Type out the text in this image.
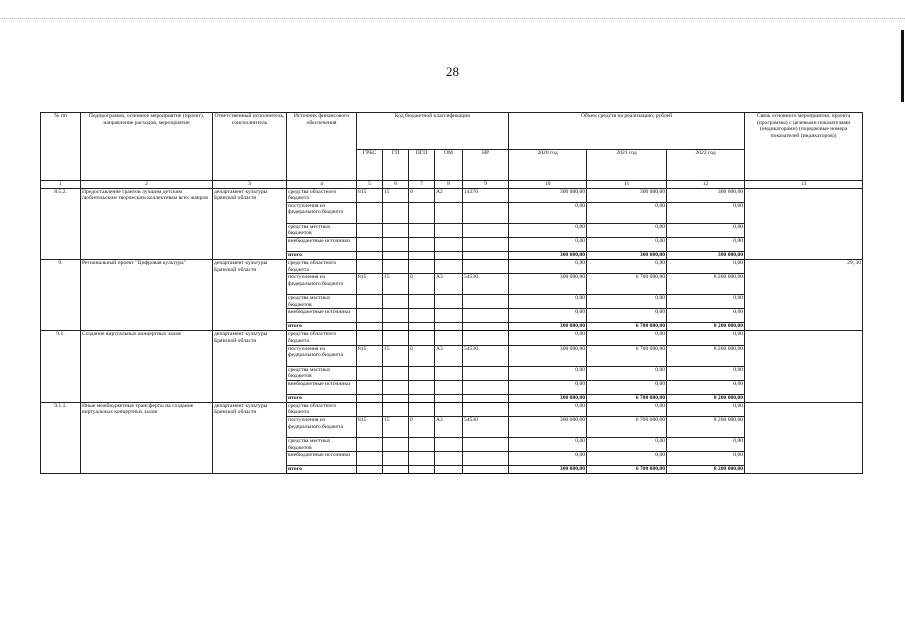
28
№ пп	Подпрограмма, основное мероприятие (проект), направление расходов, мероприятие	Ответственный исполнитель, соисполнитель	Источник финансового обеспечения	Код бюджетной классификации					Объем средств на реализацию, рублей			Связь основного мероприятия, проекта (программы) с целевыми показателями (индикаторами) (порядковые номера показателей (индикаторов))
				ГРБС	ГП	ПГП	ОМ	НР	2020 год	2021 год	2022 год	
1	2	3	4	5	6	7	8	9	10	11	12	13
8.5.2.	Предоставление грантов лучшим детским любительским творческим коллективам всех жанров	департамент культуры Брянской области	средства областного бюджета	815	15	0	А2	14370	300 000,00	300 000,00	300 000,00	
			поступления из федерального бюджета						0,00	0,00	0,00	
			средства местных бюджетов						0,00	0,00	0,00	
			внебюджетные источники						0,00	0,00	0,00	
			итого						300 000,00	300 000,00	300 000,00	
9.	Региональный проект "Цифровая культура"	департамент культуры Брянской области	средства областного бюджета						0,00	0,00	0,00	29, 30
			поступления из федерального бюджета	815	15	0	А3	54530	300 000,00	6 700 000,00	8 200 000,00	
			средства местных бюджетов						0,00	0,00	0,00	
			внебюджетные источники						0,00	0,00	0,00	
			итого						300 000,00	6 700 000,00	8 200 000,00	
9.1.	Создание виртуальных концертных залов	департамент культуры Брянской области	средства областного бюджета						0,00	0,00	0,00	
			поступления из федерального бюджета	815	15	0	А3	54530	300 000,00	6 700 000,00	8 200 000,00	
			средства местных бюджетов						0,00	0,00	0,00	
			внебюджетные источники						0,00	0,00	0,00	
			итого						300 000,00	6 700 000,00	8 200 000,00	
9.1.1.	Иные межбюджетные трансферты на создание виртуальных концертных залов	департамент культуры Брянской области	средства областного бюджета						0,00	0,00	0,00	
			поступления из федерального бюджета	815	15	0	А3	54530	300 000,00	6 700 000,00	8 200 000,00	
			средства местных бюджетов						0,00	0,00	0,00	
			внебюджетные источники						0,00	0,00	0,00	
			итого						300 000,00	6 700 000,00	8 200 000,00	
